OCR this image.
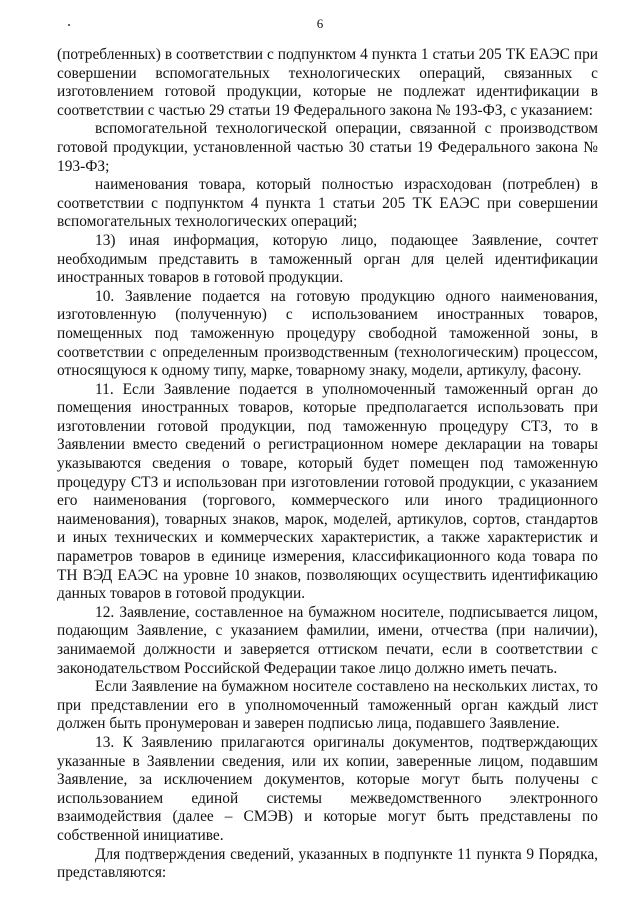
6

(потребленных) в соответствии с подпунктом 4 пункта 1 статьи 205 ТК ЕАЭС при совершении вспомогательных технологических операций, связанных с изготовлением готовой продукции, которые не подлежат идентификации в соответствии с частью 29 статьи 19 Федерального закона № 193-ФЗ, с указанием:

вспомогательной технологической операции, связанной с производством готовой продукции, установленной частью 30 статьи 19 Федерального закона № 193-ФЗ;

наименования товара, который полностью израсходован (потреблен) в соответствии с подпунктом 4 пункта 1 статьи 205 ТК ЕАЭС при совершении вспомогательных технологических операций;

13) иная информация, которую лицо, подающее Заявление, сочтет необходимым представить в таможенный орган для целей идентификации иностранных товаров в готовой продукции.

10. Заявление подается на готовую продукцию одного наименования, изготовленную (полученную) с использованием иностранных товаров, помещенных под таможенную процедуру свободной таможенной зоны, в соответствии с определенным производственным (технологическим) процессом, относящуюся к одному типу, марке, товарному знаку, модели, артикулу, фасону.

11. Если Заявление подается в уполномоченный таможенный орган до помещения иностранных товаров, которые предполагается использовать при изготовлении готовой продукции, под таможенную процедуру СТЗ, то в Заявлении вместо сведений о регистрационном номере декларации на товары указываются сведения о товаре, который будет помещен под таможенную процедуру СТЗ и использован при изготовлении готовой продукции, с указанием его наименования (торгового, коммерческого или иного традиционного наименования), товарных знаков, марок, моделей, артикулов, сортов, стандартов и иных технических и коммерческих характеристик, а также характеристик и параметров товаров в единице измерения, классификационного кода товара по ТН ВЭД ЕАЭС на уровне 10 знаков, позволяющих осуществить идентификацию данных товаров в готовой продукции.

12. Заявление, составленное на бумажном носителе, подписывается лицом, подающим Заявление, с указанием фамилии, имени, отчества (при наличии), занимаемой должности и заверяется оттиском печати, если в соответствии с законодательством Российской Федерации такое лицо должно иметь печать.

Если Заявление на бумажном носителе составлено на нескольких листах, то при представлении его в уполномоченный таможенный орган каждый лист должен быть пронумерован и заверен подписью лица, подавшего Заявление.

13. К Заявлению прилагаются оригиналы документов, подтверждающих указанные в Заявлении сведения, или их копии, заверенные лицом, подавшим Заявление, за исключением документов, которые могут быть получены с использованием единой системы межведомственного электронного взаимодействия (далее – СМЭВ) и которые могут быть представлены по собственной инициативе.

Для подтверждения сведений, указанных в подпункте 11 пункта 9 Порядка, представляются:
